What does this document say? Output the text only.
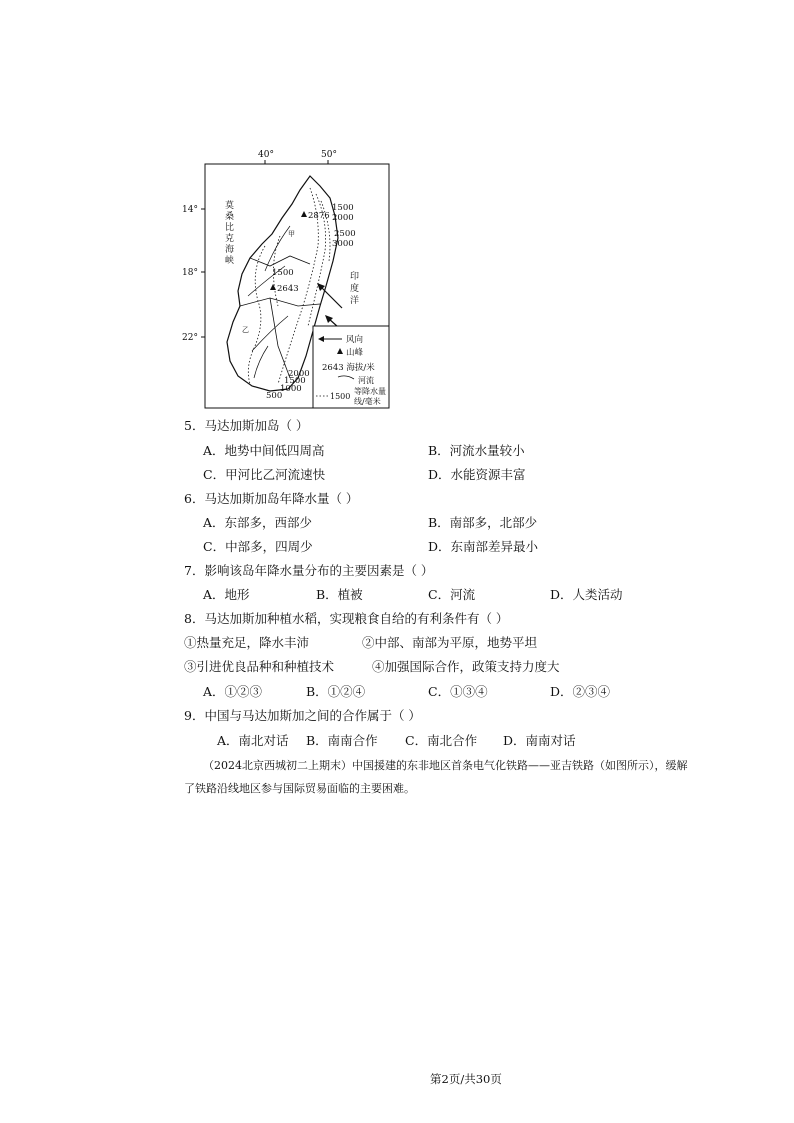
40°	50°
14°
18°
22°
甲
乙
2876
2643
1500
2000
2500
3000
1500
2000
1500
1000
500
莫
桑
比
克
海
峡
印
度
洋
风向
山峰
2643 海拔/米
河流
1500
等降水量
线/毫米
5．马达加斯加岛（ ）
A．地势中间低四周高	B．河流水量较小
C．甲河比乙河流速快	D．水能资源丰富
6．马达加斯加岛年降水量（ ）
A．东部多，西部少	B．南部多，北部少
C．中部多，四周少	D．东南部差异最小
7．影响该岛年降水量分布的主要因素是（ ）
A．地形	B．植被	C．河流	D．人类活动
8．马达加斯加种植水稻，实现粮食自给的有利条件有（ ）
①热量充足，降水丰沛	②中部、南部为平原，地势平坦
③引进优良品种和种植技术	④加强国际合作，政策支持力度大
A．①②③	B．①②④	C．①③④	D．②③④
9．中国与马达加斯加之间的合作属于（ ）
A．南北对话 B．南南合作 C．南北合作 D．南南对话
（2024北京西城初二上期末）中国援建的东非地区首条电气化铁路——亚吉铁路（如图所示），缓解
了铁路沿线地区参与国际贸易面临的主要困难。
第2页/共30页
